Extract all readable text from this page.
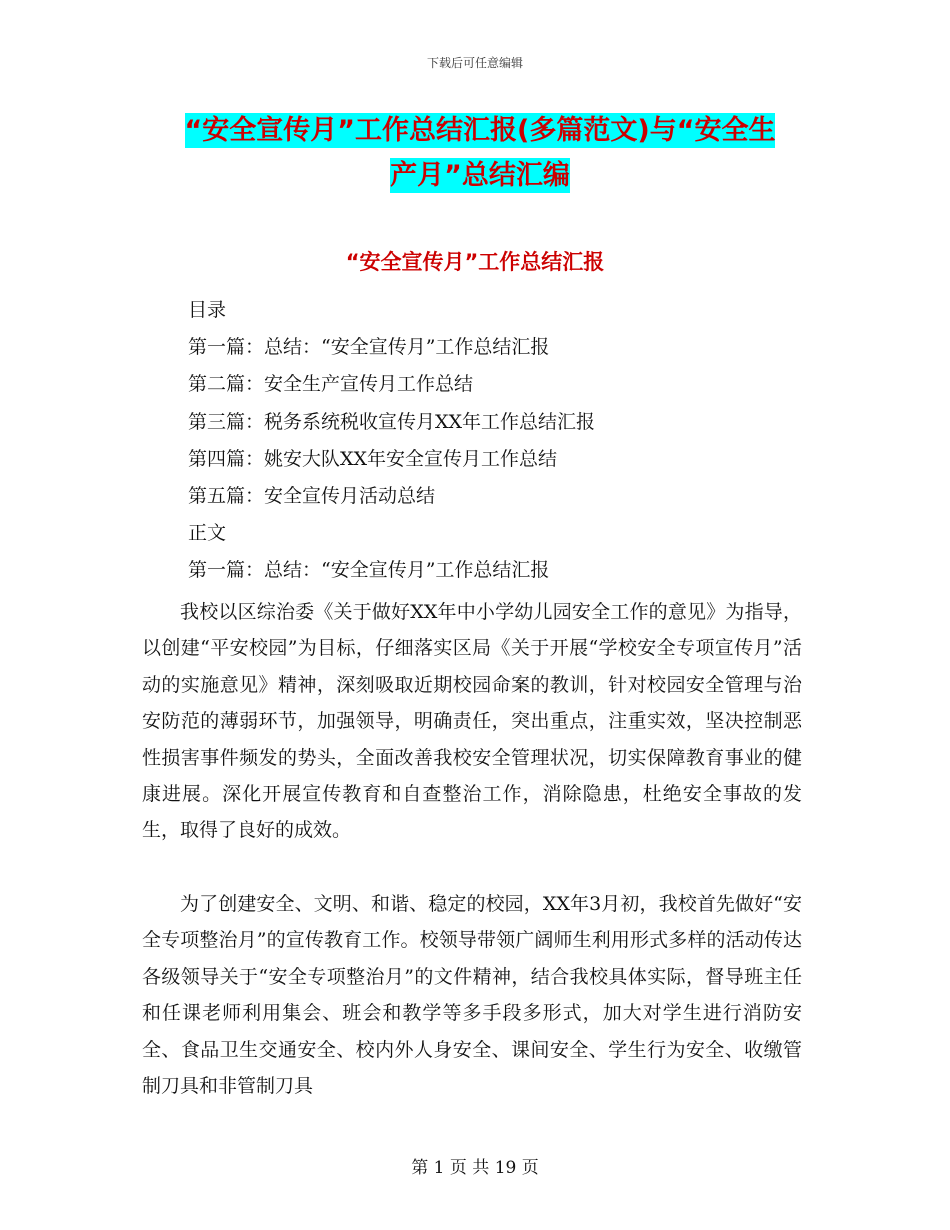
下载后可任意编辑
“安全宣传月”工作总结汇报(多篇范文)与“安全生
产月”总结汇编
“安全宣传月”工作总结汇报
目录
第一篇：总结：“安全宣传月”工作总结汇报
第二篇：安全生产宣传月工作总结
第三篇：税务系统税收宣传月XX年工作总结汇报
第四篇：姚安大队XX年安全宣传月工作总结
第五篇：安全宣传月活动总结
正文
第一篇：总结：“安全宣传月”工作总结汇报

我校以区综治委《关于做好XX年中小学幼儿园安全工作的意见》为指导，以创建“平安校园”为目标，仔细落实区局《关于开展“学校安全专项宣传月”活动的实施意见》精神，深刻吸取近期校园命案的教训，针对校园安全管理与治安防范的薄弱环节，加强领导，明确责任，突出重点，注重实效，坚决控制恶性损害事件频发的势头，全面改善我校安全管理状况，切实保障教育事业的健康进展。深化开展宣传教育和自查整治工作，消除隐患，杜绝安全事故的发生，取得了良好的成效。

为了创建安全、文明、和谐、稳定的校园，XX年3月初，我校首先做好“安全专项整治月”的宣传教育工作。校领导带领广阔师生利用形式多样的活动传达各级领导关于“安全专项整治月”的文件精神，结合我校具体实际，督导班主任和任课老师利用集会、班会和教学等多手段多形式，加大对学生进行消防安全、食品卫生交通安全、校内外人身安全、课间安全、学生行为安全、收缴管制刀具和非管制刀具

第 1 页 共 19 页
